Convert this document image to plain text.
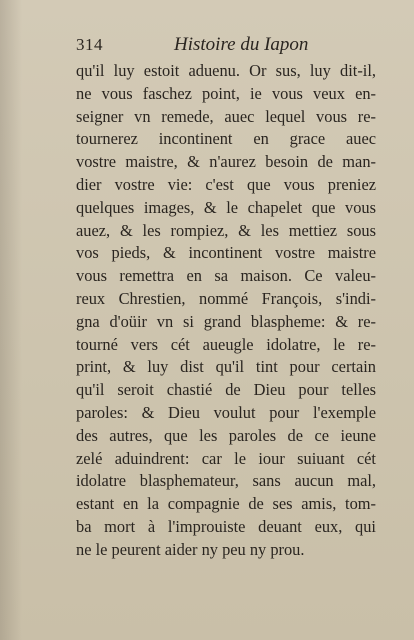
314	Histoire du Iapon
qu'il luy estoit aduenu. Or sus, luy dit-il,
ne vous faschez point, ie vous veux en-
seigner vn remede, auec lequel vous re-
tournerez incontinent en grace auec
vostre maistre, & n'aurez besoin de man-
dier vostre vie: c'est que vous preniez
quelques images, & le chapelet que vous
auez, & les rompiez, & les mettiez sous
vos pieds, & incontinent vostre maistre
vous remettra en sa maison. Ce valeu-
reux Chrestien, nommé François, s'indi-
gna d'oüir vn si grand blaspheme: & re-
tourné vers cét aueugle idolatre, le re-
print, & luy dist qu'il tint pour certain
qu'il seroit chastié de Dieu pour telles
paroles: & Dieu voulut pour l'exemple
des autres, que les paroles de ce ieune
zelé aduindrent: car le iour suiuant cét
idolatre blasphemateur, sans aucun mal,
estant en la compagnie de ses amis, tom-
ba mort à l'improuiste deuant eux, qui
ne le peurent aider ny peu ny prou.
